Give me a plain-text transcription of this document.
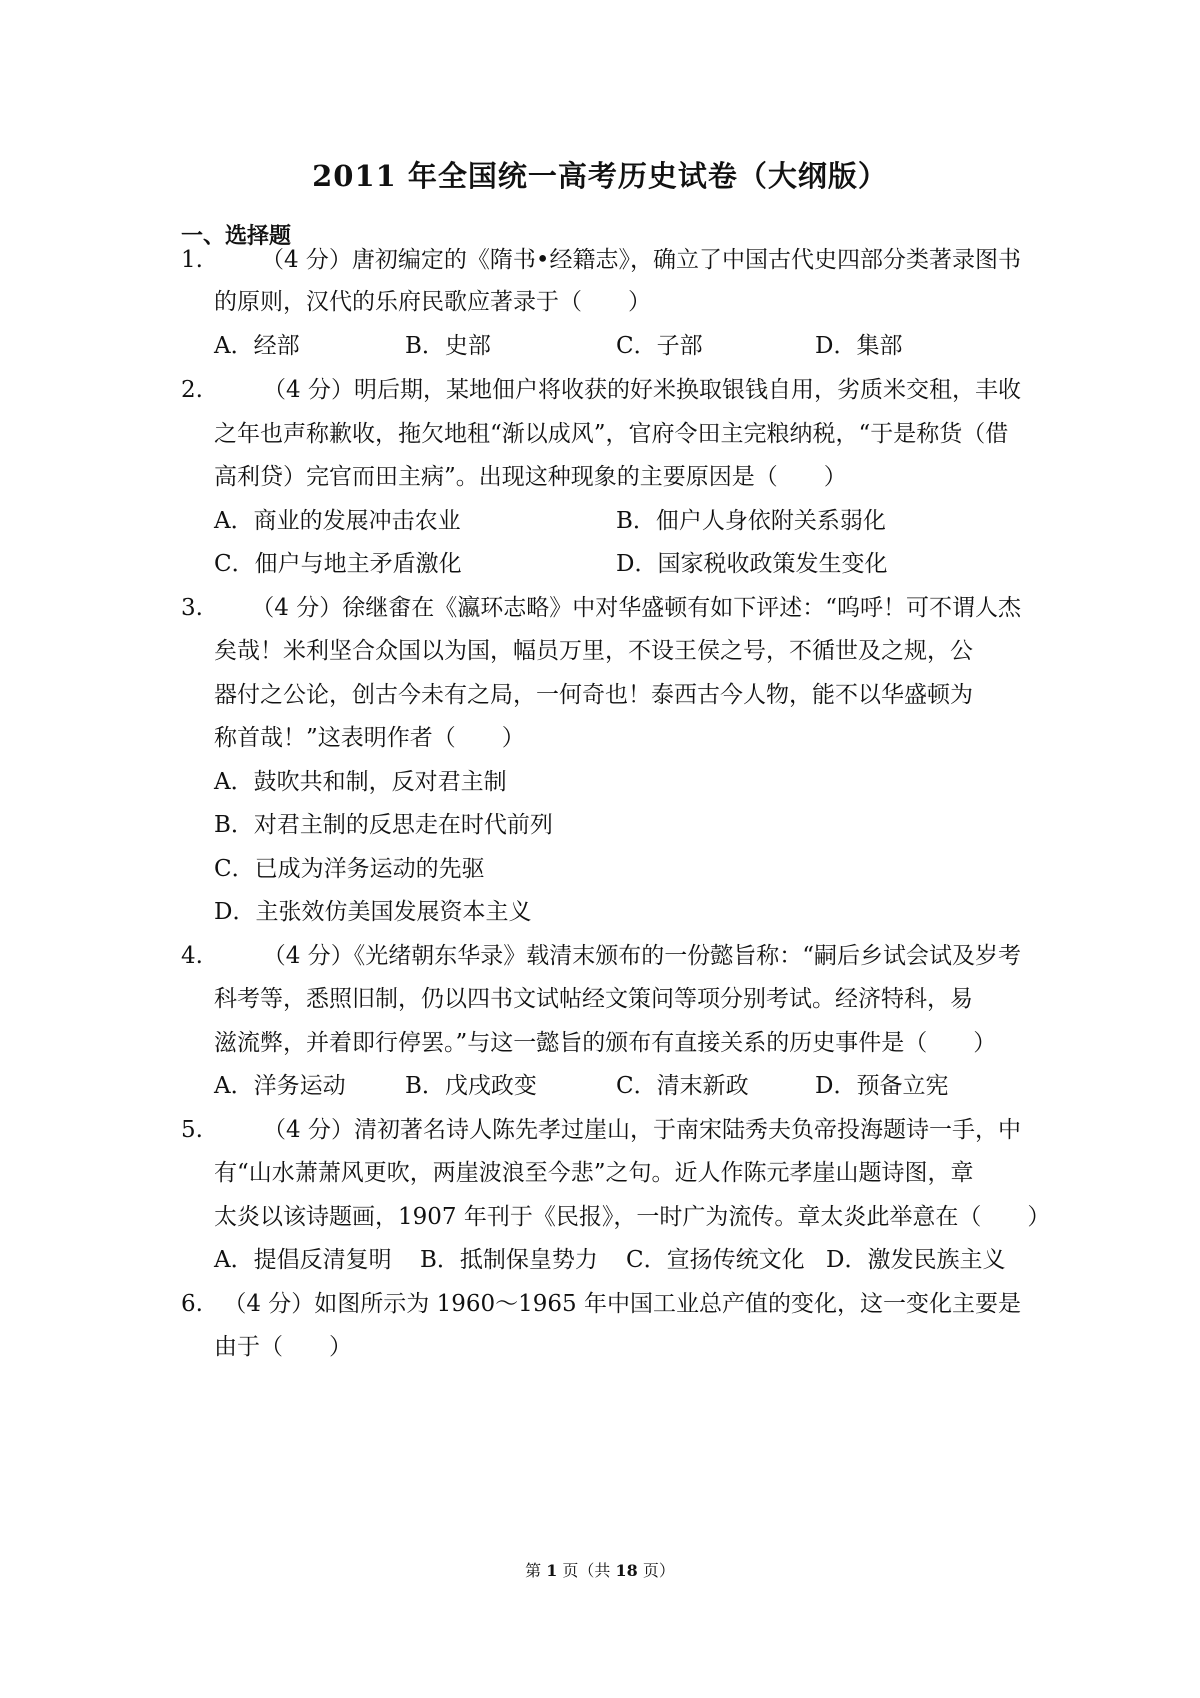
2011 年全国统一高考历史试卷（大纲版）
一、选择题
1.	（4 分）唐初编定的《隋书•经籍志》，确立了中国古代史四部分类著录图书
的原则，汉代的乐府民歌应著录于（　　）
A．经部	B．史部	C．子部	D．集部
2.	（4 分）明后期，某地佃户将收获的好米换取银钱自用，劣质米交租，丰收
之年也声称歉收，拖欠地租“渐以成风”，官府令田主完粮纳税，“于是称货（借
高利贷）完官而田主病”。出现这种现象的主要原因是（　　）
A．商业的发展冲击农业	B．佃户人身依附关系弱化
C．佃户与地主矛盾激化	D．国家税收政策发生变化
3. （4 分）徐继畬在《瀛环志略》中对华盛顿有如下评述：“呜呼！可不谓人杰
矣哉！米利坚合众国以为国，幅员万里，不设王侯之号，不循世及之规，公
器付之公论，创古今未有之局，一何奇也！泰西古今人物，能不以华盛顿为
称首哉！”这表明作者（　　）
A．鼓吹共和制，反对君主制
B．对君主制的反思走在时代前列
C．已成为洋务运动的先驱
D．主张效仿美国发展资本主义
4.	（4 分）《光绪朝东华录》载清末颁布的一份懿旨称：“嗣后乡试会试及岁考
科考等，悉照旧制，仍以四书文试帖经文策问等项分别考试。经济特科，易
滋流弊，并着即行停罢。”与这一懿旨的颁布有直接关系的历史事件是（　　）
A．洋务运动	B．戊戌政变	C．清末新政	D．预备立宪
5.	（4 分）清初著名诗人陈先孝过崖山，于南宋陆秀夫负帝投海题诗一手，中
有“山水萧萧风更吹，两崖波浪至今悲”之句。近人作陈元孝崖山题诗图，章
太炎以该诗题画，1907 年刊于《民报》，一时广为流传。章太炎此举意在（　　）
A．提倡反清复明 B．抵制保皇势力 C．宣扬传统文化 D．激发民族主义
6. （4 分）如图所示为 1960～1965 年中国工业总产值的变化，这一变化主要是
由于（　　）
第 1 页（共 18 页）
